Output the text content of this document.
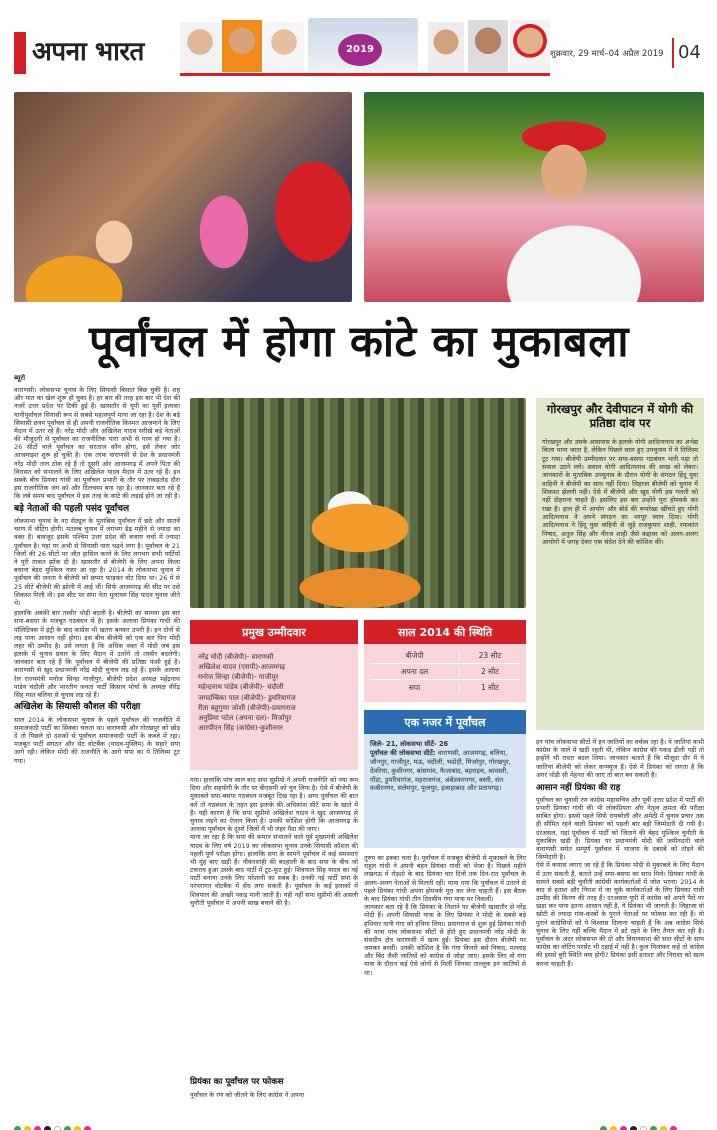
अपना भारत	2019	शुक्रवार, 29 मार्च–04 अप्रैल 2019 04
पूर्वांचल में होगा कांटे का मुकाबला
ब्यूरो

वाराणसी। लोकसभा चुनाव के लिए सियासी बिसात बिछ चुकी है। शह और मात का खेल शुरू हो चुका है। हर बार की तरह इस बार भी देश की नजरें उत्तर प्रदेश पर टिकी हुई हैं। खासतौर से यूपी का पूर्वी इलाका यानीपूर्वांचल सियासी रूप से सबसे महत्वपूर्ण माना जा रहा है। देश के बड़े सियासी छत्रप पूर्वांचल से ही अपनी राजनीतिक किस्मत आजमाने के लिए मैदान में उतर रहे हैं। नरेंद्र मोदी और अखिलेश यादव सरीखे बड़े नेताओं की मौजूदगी से पूर्वांचल का राजनीतिक पारा अभी से गरम हो गया है। 26 सीटों वाले पूर्वांचल का सरताज कौन होगा, इसे लेकर जोर आजमाइश शुरू हो चुकी है। एक तरफ वाराणसी से देश के प्रधानमंत्री नरेंद्र मोदी ताल ठोक रहे हैं तो दूसरी ओर आजमगढ़ में अपने पिता की विरासत को संभालने के लिए अखिलेश यादव मैदान में उतर रहे हैं। इन सबके बीच प्रियंका गांधी का पूर्वांचल प्रभारी के तौर पर ताबड़तोड़ दौरा इस राजनीतिक जंग को और दिलचस्प बना रहा है। जानकार बता रहे हैं कि लंबे समय बाद पूर्वांचल में इस तरह के कांटे की लड़ाई होने जा रही है।

बड़े नेताओं की पहली पसंद पूर्वांचल

लोकसभा चुनाव के नए सेट्यूल के मुताबिक पूर्वांचल में छठे और सातवें चरण में वोटिंग होगी। मतलब चुनाव में लगभग डेढ़ महीने से ज्यादा का वक्त है। बावजूद इसके पश्चिम उत्तर प्रदेश की बजाय चर्चा में ज्यादा पूर्वांचल है। यहां पर अभी से सियासी पारा चढ़ने लगा है। पूर्वांचल के 21 जिलों की 26 सीटों पर जीत हासिल करने के लिए लगभग सभी पार्टियों ने पूरी ताकत झोंक दी है। खासतौर से बीजेपी के लिए अपना किला बचाना बेहद मुश्किल नजर आ रहा है। 2014 के लोकसभा चुनाव में पूर्वांचल की जनता ने बीजेपी को छप्पर फाड़कर वोट दिया था। 26 में से 25 सीटें बीजेपी की झोली में आई थीं। सिर्फ आजमगढ़ की सीट पर उसे शिकस्त मिली थी। इस सीट पर सपा नेता मुलायम सिंह यादव चुनाव जीते थे।

हालांकि अबकी बार तस्वीर थोड़ी बदली है। बीजेपी का सामना इस बार सपा-बसपा के मजबूत गठबंधन से है। इसके अलावा प्रियंका गांधी की पॉलिटिक्स में इंट्री के बाद कांग्रेस भी खतरा बनकर उभरी है। इन दोनों से लड़ पाना आसान नहीं होगा। इस बीच बीजेपी को एक बार फिर मोदी लहर की उम्मीद है। उसे लगता है कि अधिक वक्त में मोदी जब इस इलाके में चुनाव प्रचार के लिए मैदान में उतरेंगे तो तस्वीर बदलेगी। जानकार बता रहे हैं कि पूर्वांचल में बीजेपी की प्रतिष्ठा फंसी हुई है। वाराणसी से खुद प्रधानमंत्री नरेंद्र मोदी चुनाव लड़ रहे हैं। इसके अलावा रेल राज्यमंत्री मनोज सिन्हा गाजीपुर, बीजेपी प्रदेश अध्यक्ष महेंद्रनाथ पांडेय चंदौली और भारतीय जनता पार्टी किसान मोर्चा के अध्यक्ष वीरेंद्र सिंह मस्त बलिया से चुनाव लड़ रहे हैं।

अखिलेश के सियासी कौशल की परीक्षा

साल 2014 के लोकसभा चुनाव के पहले पूर्वांचल की राजनीति में समाजवादी पार्टी का सिक्का चलता था। वाराणसी और गोरखपुर को छोड़ दें तो पिछले दो दशकों से पूर्वांचल समाजवादी पार्टी के कब्जे में रहा। मजबूत पार्टी संगठन और सेट वोटबैंक (यादव-मुस्लिम) के सहारे सपा आगे रही। लेकिन मोदी की राजनीति के आगे सपा का ये तिलिस्म टूट गया।

प्रमुख उम्मीदवार
नरेंद्र मोदी (बीजेपी)- वाराणसी
अखिलेश यादव (एसपी)-आजमगढ़
मनोज सिन्हा (बीजेपी)- गाजीपुर
महेन्द्रनाथ पांडेय (बीजेपी)- चंदौली
जगदम्बिका पाल (बीजेपी)- डुमरियागंज
रीता बहुगुणा जोशी (बीजेपी)-प्रयागराज
अनुप्रिया पटेल (अपना दल)- मिर्जापुर
आरपीएन सिंह (कांग्रेस)-कुशीनगर
साल 2014 की स्थिति
बीजेपी	23 सीट
अपना दल	2 सीट
सपा	1 सीट
एक नजर में पूर्वांचल
जिले- 21, लोकसभा सीटें- 26
पूर्वांचल की लोकसभा सीटें: वाराणसी, आजमगढ़, बलिया, जौनपुर, गाजीपुर, मऊ, चंदौली, भदोही, मिर्जापुर, गोरखपुर, देवरिया, कुशीनगर, बांसगांव, फैजाबाद, बहराइच, श्रावस्ती, गोंडा, डुमरियागंज, महराजगंज, अंबेडकरनगर, बस्ती, संत कबीरनगर, सलेमपुर, फूलपुर, इलाहाबाद और प्रतापगढ़।

गया। हालांकि पांच साल बाद सपा सुप्रीमो ने अपनी राजनीति को नया रूप दिया और सहयोगी के तौर पर बीएसपी को चुन लिया है। ऐसे में बीजेपी के मुकाबले सपा-बसपा गठबंधन मजबूत दिख रहा है। अगर पूर्वांचल की बात करें तो गठबंधन के तहत इस इलाके की अधिकांश सीटें सपा के खाते में हैं। यही कारण है कि सपा सुप्रीमो अखिलेश यादव ने खुद आजमगढ़ से चुनाव लड़ने का ऐलान किया है। उनकी कोशिश होगी कि आजमगढ़ के अलावा पूर्वांचल के दूसरे जिलों में भी लहर पैदा की जाए।
माना जा रहा है कि सपा की कमान संभालने वाले पूर्व मुख्यमंत्री अखिलेश यादव के लिए वर्ष 2019 का लोकसभा चुनाव उनके सियासी कौशल की पहली पूर्ण परीक्षा होगा। हालांकि सपा के सामने पूर्वांचल में कई समस्याएं भी मुंह बाए खड़ी हैं। नौकरशाही की बदहाली के बाद सपा के बीच जो टकराव हुआ उसके बाद पार्टी में टूट-फूट हुई। शिवपाल सिंह यादव का नई पार्टी बनाना उनके लिए परेशानी का सबब है। उनकी नई पार्टी सपा के परंपरागत वोटबैंक में सेंध लगा सकती है। पूर्वांचल के कई इलाकों में शिवपाल की अच्छी पकड़ मानी जाती है। यही नहीं सपा सुप्रीमो की असली चुनौती पूर्वांचल में अपनी साख बचाने की है।

प्रियंका का पूर्वांचल पर फोकस
पूर्वांचल के रण को जीतने के लिए कांग्रेस ने अपना

तुरुप का इक्का चला है। पूर्वांचल में मजबूत बीजेपी से मुकाबले के लिए राहुल गांधी ने अपनी बहन प्रियंका गांधी को भेजा है। पिछले महीने लखनऊ में रोड़शो के बाद प्रियंका चार दिनों तक दिन-रात पूर्वांचल के अलग-अलग नेताओं से मिलती रहीं। माना गया कि पूर्वांचल में उतरने से पहले प्रियंका गांधी अपना होमवर्क पूरा कर लेना चाहती हैं। इस बैठक के बाद प्रियंका गांधी तीन दिवसीय गंगा यात्रा पर निकलीं।
जानकार बता रहे हैं कि प्रियंका के निशाने पर बीजेपी खासतौर से नरेंद्र मोदी हैं। अपनी सियासी यात्रा के लिए प्रियंका ने मोदी के सबसे बड़े हथियार यानी गंगा को हथिया लिया। प्रयागराज से शुरू हुई प्रियंका गांधी की यात्रा पांच लोकसभा सीटों से होते हुए प्रधानमंत्री नरेंद्र मोदी के संसदीय क्षेत्र वाराणसी में खत्म हुई। प्रियंका इस दौरान बीजेपी पर जमकर बरसीं। उनकी कोशिश है कि गंगा किनारे बसे निषाद, मल्लाह और बिंद जैसी जातियों को कांग्रेस से जोड़ा जाए। इसके लिए वो गंगा यात्रा के दौरान कई ऐसे लोगों से मिलीं जिनका ताल्लुक इन जातियों से था।

गोरखपुर और देवीपाटन में योगी की प्रतिष्ठा दांव पर
गोरखपुर और उसके आसपास के इलाके योगी आदित्यनाथ का अभेद्य किला माना जाता है, लेकिन पिछले साल हुए उपचुनाव में ये तिलिस्म टूट गया। बीजेपी उम्मीदवार पर सपा-बसपा गठबंधन भारी पड़ा तो सवाल उठने लगे। सवाल योगी आदित्यनाथ की साख को लेकर। जानकारों के मुताबिक उपचुनाव के दौरान योगी के संगठन हिंदू युवा वाहिनी ने बीजेपी का साथ नहीं दिया। लिहाजा बीजेपी को चुनाव में शिकस्त झेलनी पड़ी। ऐसे में बीजेपी और खुद योगी इस गलती को नहीं दोहराना चाहते हैं। इसलिए इस बार उन्होंने पूरा होमवर्क कर रखा है। हाल ही में आयोग और बोर्ड की रूपरेखा खींचते हुए योगी आदित्यनाथ ने अपने संगठन का भरपूर ध्यान दिया। योगी आदित्यनाथ ने हिंदू युवा वाहिनी से जुड़े राजकुमार शाही, रमाकांत निषाद, अतुल सिंह और नीरज शाही जैसे कद्दावर को अलग-अलग आयोगों में जगह देकर एक संदेश देने की कोशिश की।

इन पांच लोकसभा सीटों में इन जातियों का वर्चस्व रहा है। ये जातियां कभी कांग्रेस के पाले में खड़ी रहती थीं, लेकिन कांग्रेस की पकड़ ढीली पड़ी तो इन्होंने भी रास्ता बदल लिया। जानकार बताते हैं कि मौजूदा दौर में ये जातियां बीजेपी को लेकर कन्फ्यूज हैं। ऐसे में प्रियंका को लगता है कि अगर थोड़ी सी मेहनत की जाए तो बात बन सकती है।

आसान नहीं प्रियंका की राह

पूर्वांचल का चुनावी रण कांग्रेस महासचिव और पूर्वी उत्तर प्रदेश में पार्टी की प्रभारी प्रियंका गांधी की भी लोकप्रियता और नेतृत्व क्षमता की परीक्षा साबित होगा। इससे पहले सिर्फ रायबरेली और अमेठी में चुनाव प्रचार तक ही सीमित रहने वाली प्रियंका को पहली बार बड़ी जिम्मेदारी दी गयी है। दरअसल, यहां पूर्वांचल में पार्टी को जिताने की बेहद मुश्किल चुनौती के मुकाबिल खड़ी हैं। प्रियंका पर प्रधानमंत्री मोदी की जमीनदारी वाले वाराणसी समेत सम्पूर्ण पूर्वांचल में भाजपा के दबदबे को तोड़ने की जिम्मेदारी है।
ऐसे में कयास लगाए जा रहे हैं कि प्रियंका मोदी से मुकाबले के लिए मैदान में उतर सकती हैं, बताते उन्हें सपा-बसपा का साथ मिले। प्रियंका गांधी के सामने सबसे बड़ी चुनौती कांग्रेसी कार्यकर्ताओं में जोश भरना। 2014 के बाद से हताश और निराश में जा चुके कार्यकर्ताओं के लिए प्रियंका गांधी उम्मीद की किरण की तरह हैं। दरअसल यूपी में कांग्रेस को अपने पैरों पर खड़ा कर पाना इतना आसान नहीं है, ये प्रियंका भी जानती हैं। लिहाजा वो खोटी से ज्यादा गांव-कस्बों के पुराने नेताओं पर फोकस कर रही हैं। वो पुराने कांग्रेसियों को ये विश्वास दिलाना चाहती हैं कि अब कांग्रेस सिर्फ चुनाव के लिए नहीं बल्कि मैदान में डटे रहने के लिए तैयार कर रही है। पूर्वांचल के अंदर लोकसभा की दो और विधानसभा की सात सीटों के साथ कांग्रेस का वोटिंग परसेंट भी दहाई में नहीं है। कुल मिलाकर कहें तो कांग्रेस की इससे बुरी स्थिति क्या होगी? प्रियंका इसी हताशा और निराशा को खत्म करना चाहती हैं।
